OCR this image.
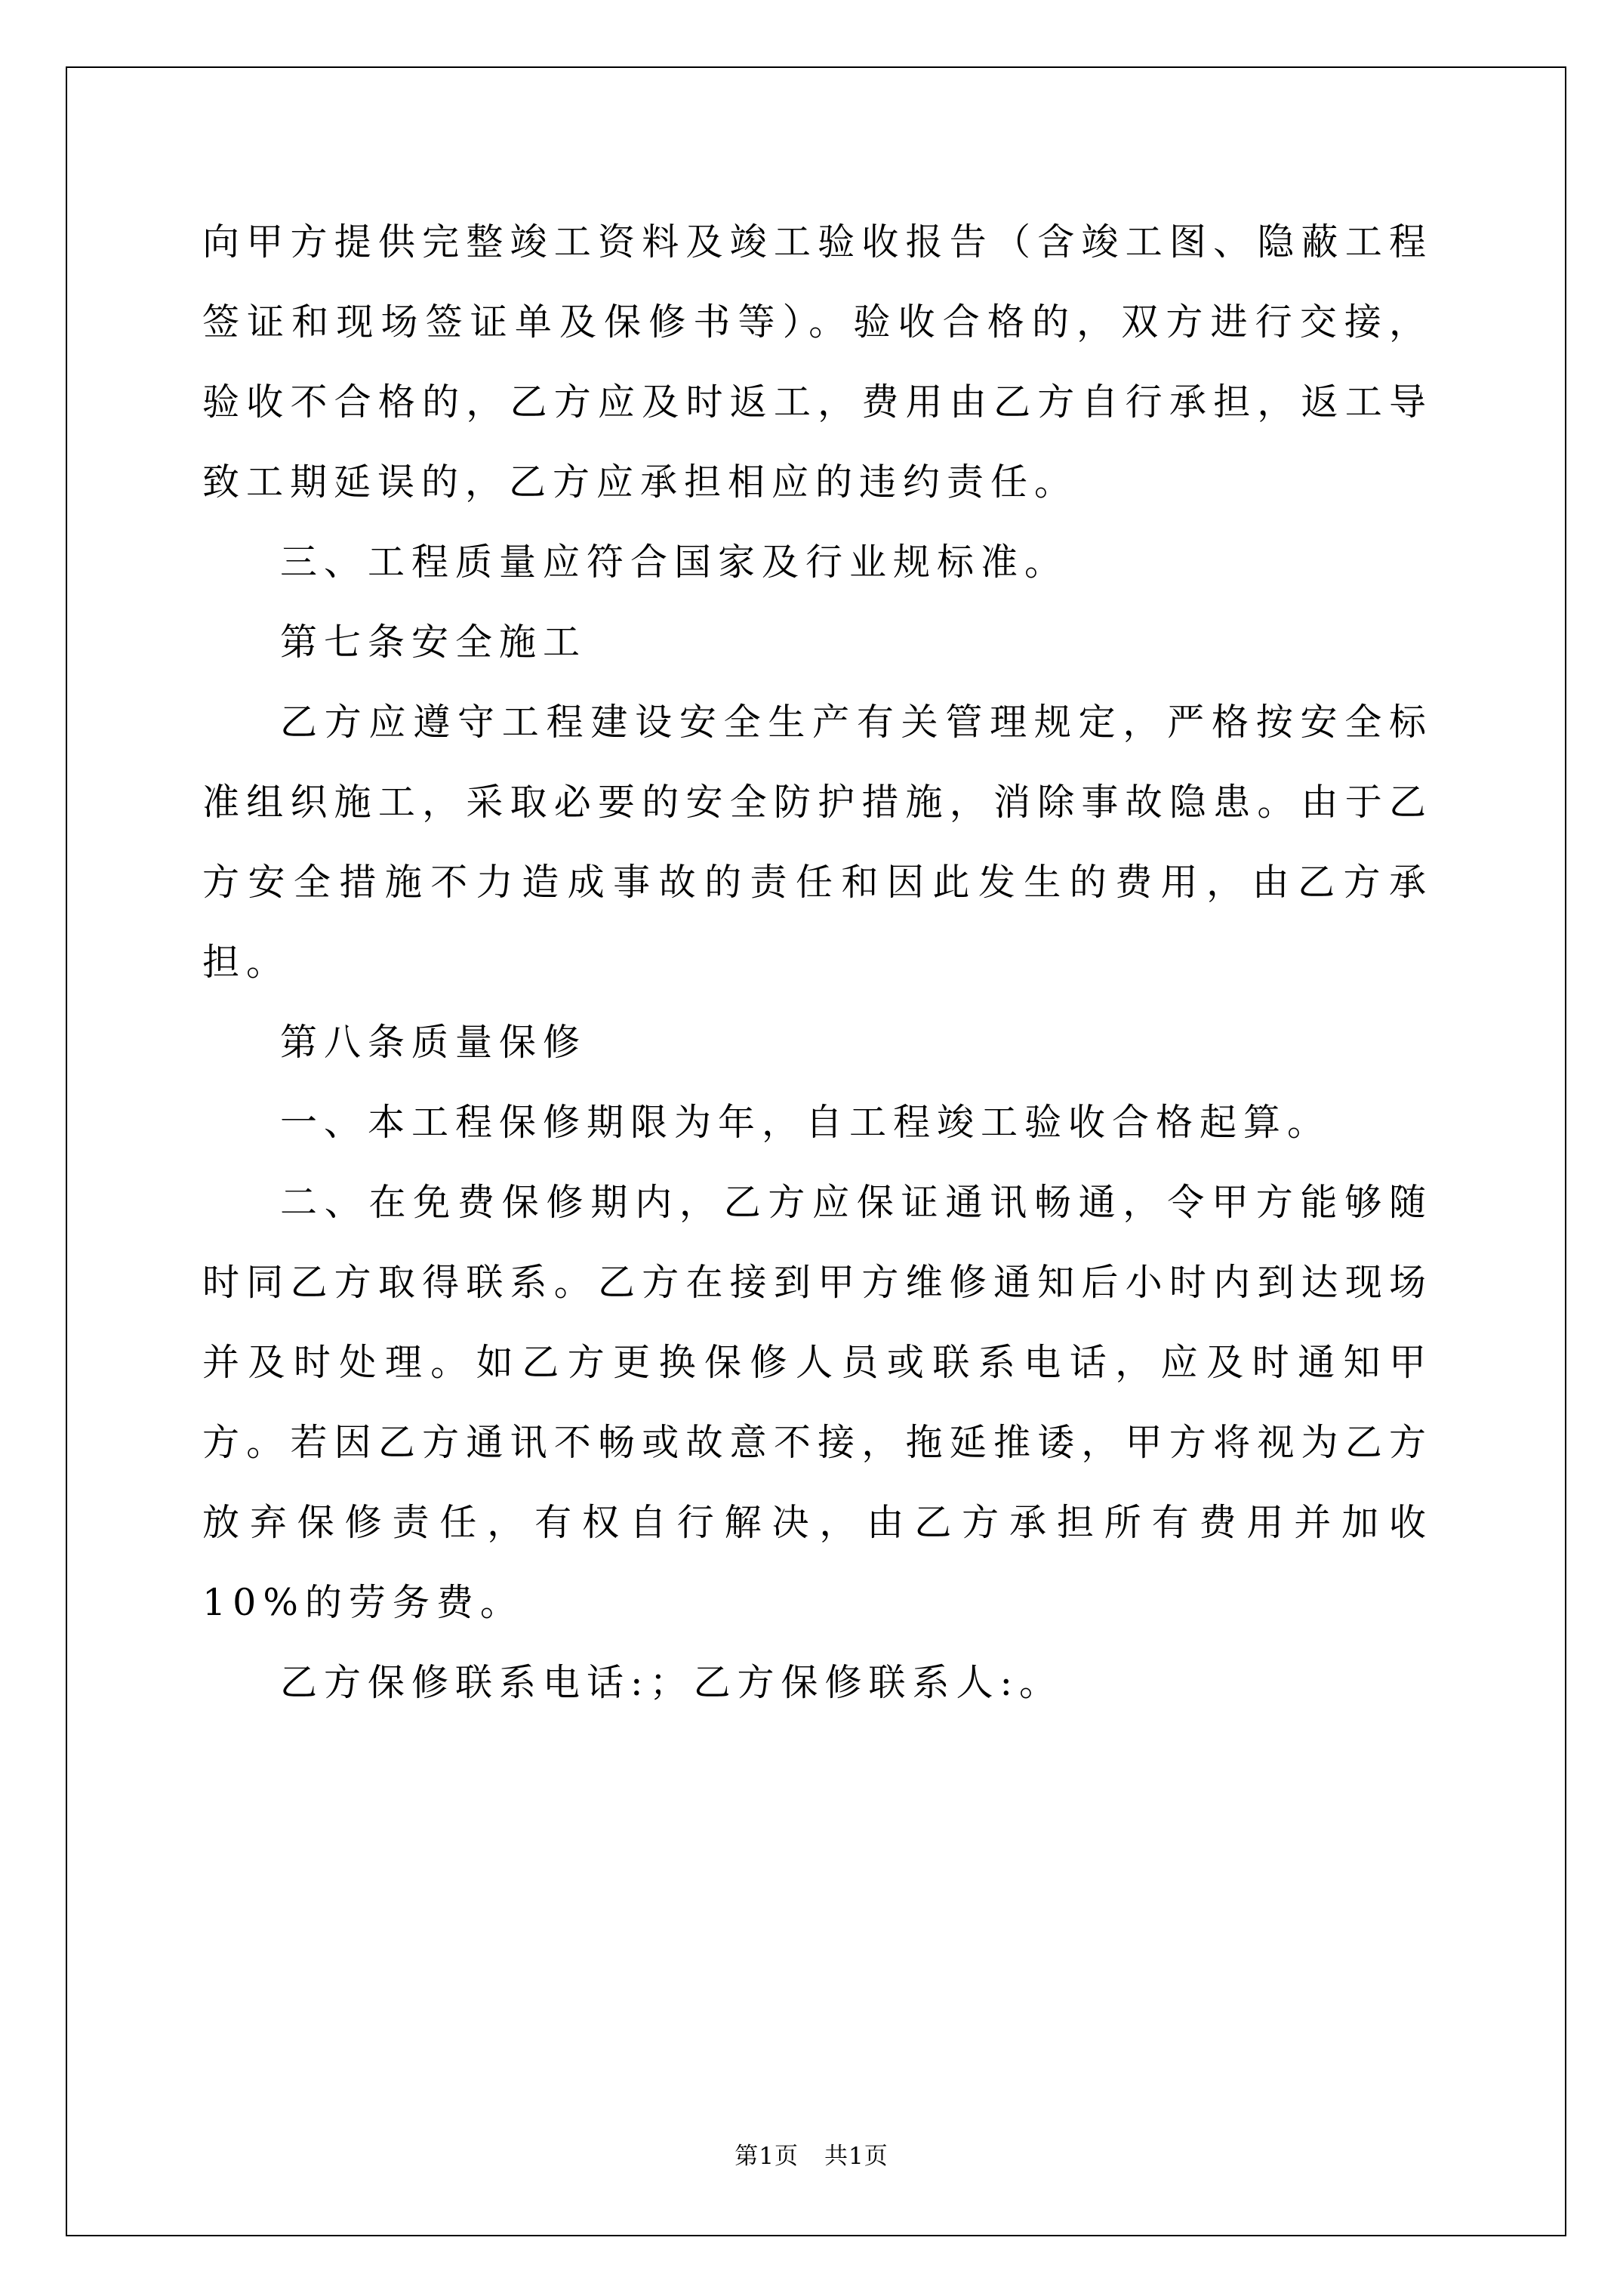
向甲方提供完整竣工资料及竣工验收报告（含竣工图、隐蔽工程签证和现场签证单及保修书等）。验收合格的，双方进行交接，验收不合格的，乙方应及时返工，费用由乙方自行承担，返工导致工期延误的，乙方应承担相应的违约责任。

三、工程质量应符合国家及行业规标准。

第七条安全施工

乙方应遵守工程建设安全生产有关管理规定，严格按安全标准组织施工，采取必要的安全防护措施，消除事故隐患。由于乙方安全措施不力造成事故的责任和因此发生的费用，由乙方承担。

第八条质量保修

一、本工程保修期限为年，自工程竣工验收合格起算。

二、在免费保修期内，乙方应保证通讯畅通，令甲方能够随时同乙方取得联系。乙方在接到甲方维修通知后小时内到达现场并及时处理。如乙方更换保修人员或联系电话，应及时通知甲方。若因乙方通讯不畅或故意不接，拖延推诿，甲方将视为乙方放弃保修责任，有权自行解决，由乙方承担所有费用并加收10%的劳务费。

乙方保修联系电话:；乙方保修联系人:。

第1页 共1页
